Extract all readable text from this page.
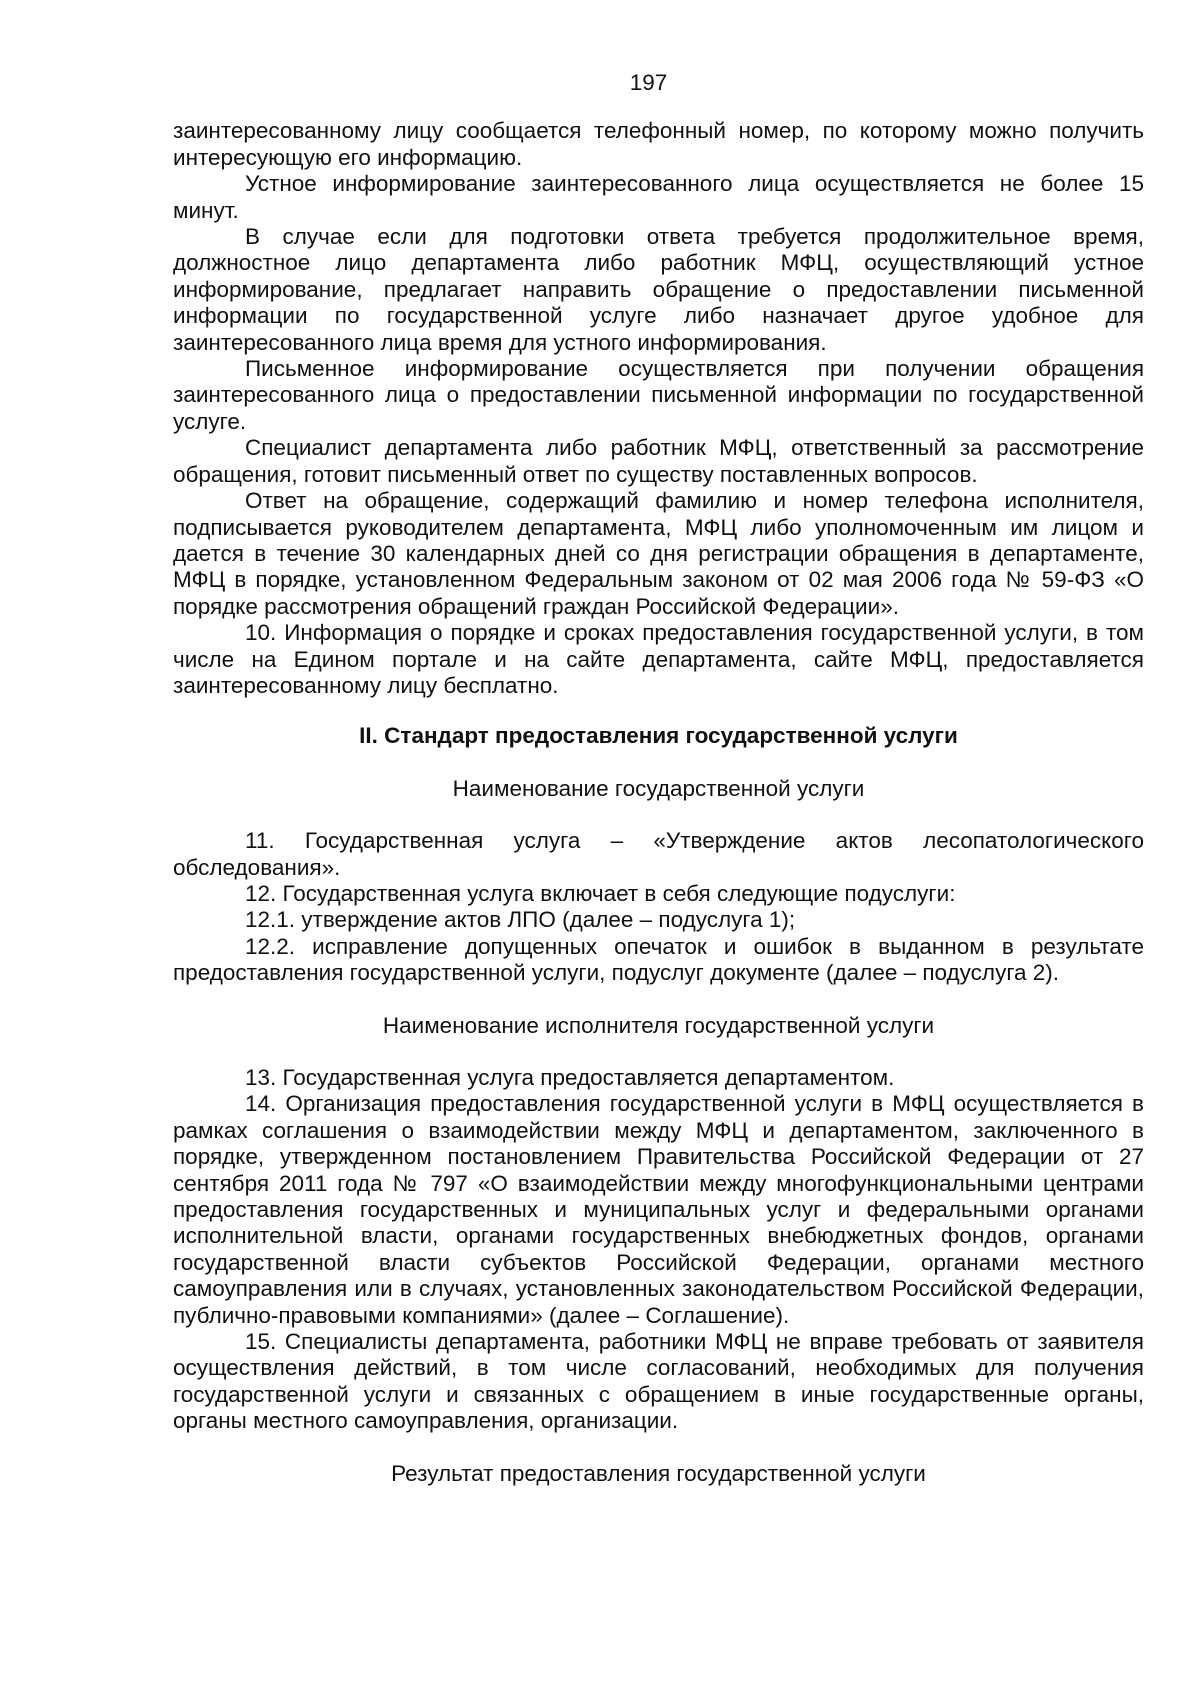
197

заинтересованному лицу сообщается телефонный номер, по которому можно получить интересующую его информацию.

Устное информирование заинтересованного лица осуществляется не более 15 минут.

В случае если для подготовки ответа требуется продолжительное время, должностное лицо департамента либо работник МФЦ, осуществляющий устное информирование, предлагает направить обращение о предоставлении письменной информации по государственной услуге либо назначает другое удобное для заинтересованного лица время для устного информирования.

Письменное информирование осуществляется при получении обращения заинтересованного лица о предоставлении письменной информации по государственной услуге.

Специалист департамента либо работник МФЦ, ответственный за рассмотрение обращения, готовит письменный ответ по существу поставленных вопросов.

Ответ на обращение, содержащий фамилию и номер телефона исполнителя, подписывается руководителем департамента, МФЦ либо уполномоченным им лицом и дается в течение 30 календарных дней со дня регистрации обращения в департаменте, МФЦ в порядке, установленном Федеральным законом от 02 мая 2006 года № 59-ФЗ «О порядке рассмотрения обращений граждан Российской Федерации».

10. Информация о порядке и сроках предоставления государственной услуги, в том числе на Едином портале и на сайте департамента, сайте МФЦ, предоставляется заинтересованному лицу бесплатно.

II. Стандарт предоставления государственной услуги
Наименование государственной услуги

11. Государственная услуга – «Утверждение актов лесопатологического обследования».

12. Государственная услуга включает в себя следующие подуслуги:

12.1. утверждение актов ЛПО (далее – подуслуга 1);

12.2. исправление допущенных опечаток и ошибок в выданном в результате предоставления государственной услуги, подуслуг документе (далее – подуслуга 2).

Наименование исполнителя государственной услуги

13. Государственная услуга предоставляется департаментом.

14. Организация предоставления государственной услуги в МФЦ осуществляется в рамках соглашения о взаимодействии между МФЦ и департаментом, заключенного в порядке, утвержденном постановлением Правительства Российской Федерации от 27 сентября 2011 года № 797 «О взаимодействии между многофункциональными центрами предоставления государственных и муниципальных услуг и федеральными органами исполнительной власти, органами государственных внебюджетных фондов, органами государственной власти субъектов Российской Федерации, органами местного самоуправления или в случаях, установленных законодательством Российской Федерации, публично-правовыми компаниями» (далее – Соглашение).

15. Специалисты департамента, работники МФЦ не вправе требовать от заявителя осуществления действий, в том числе согласований, необходимых для получения государственной услуги и связанных с обращением в иные государственные органы, органы местного самоуправления, организации.

Результат предоставления государственной услуги
